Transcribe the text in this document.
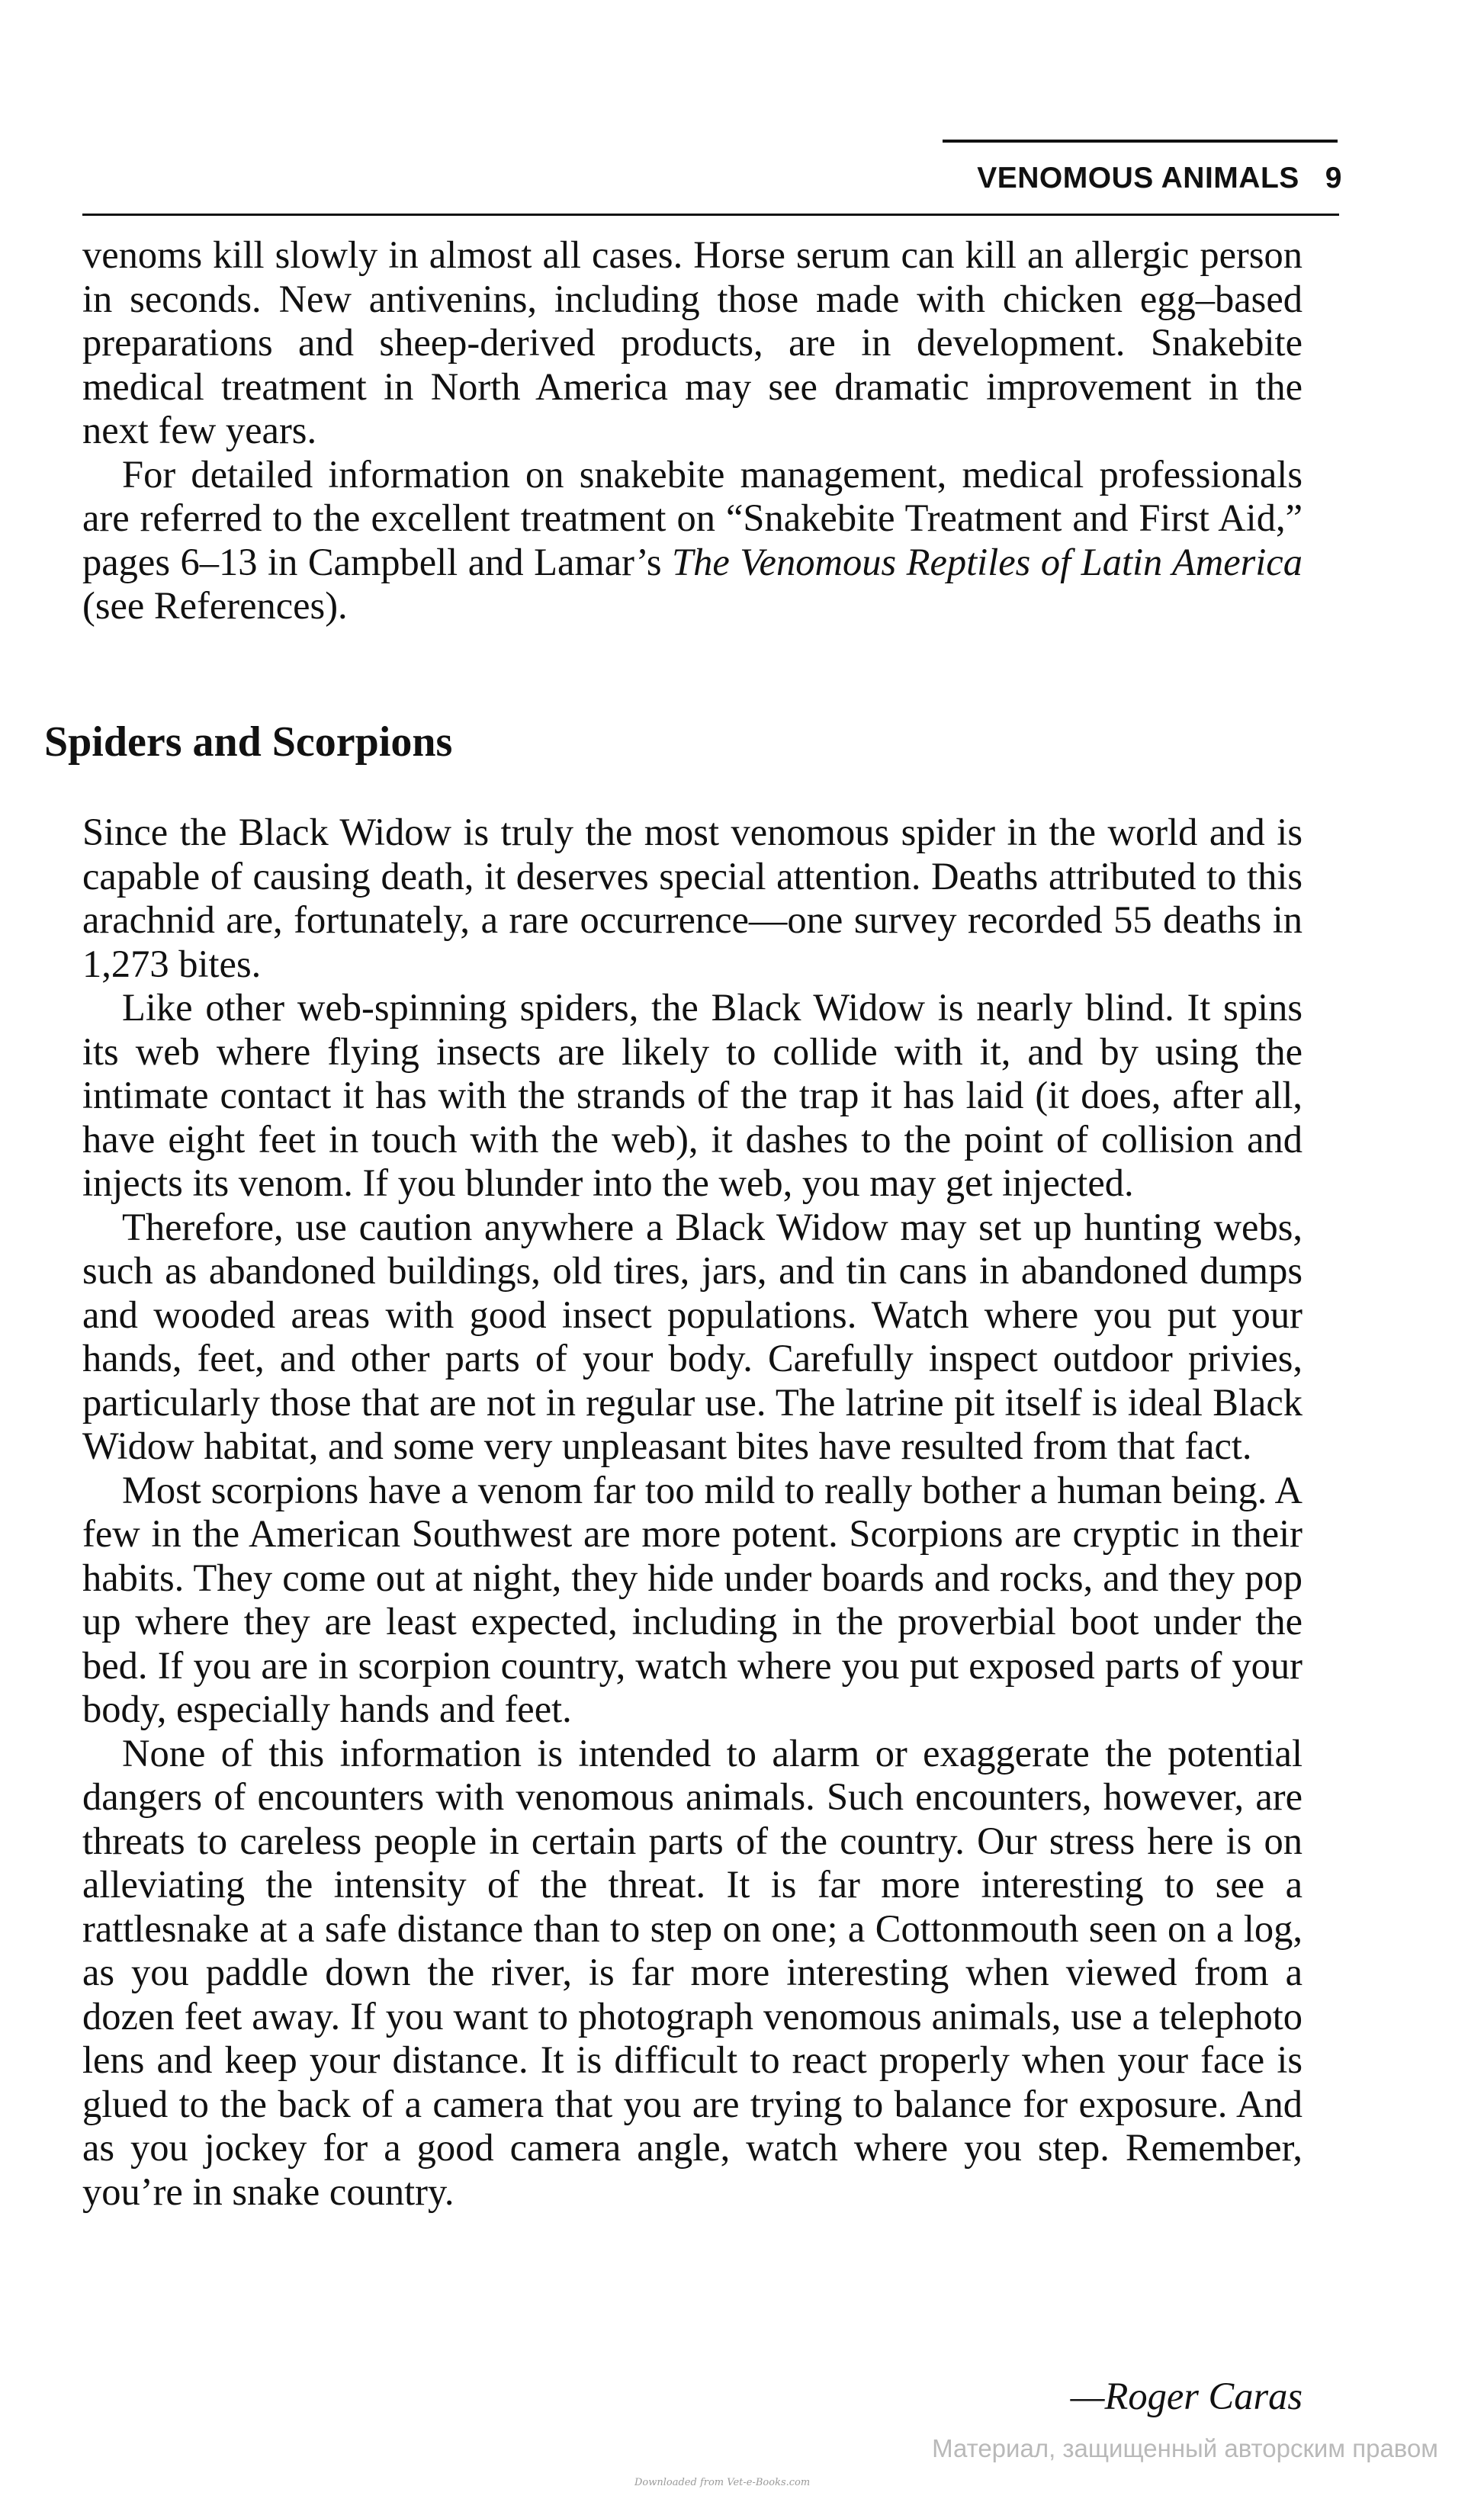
VENOMOUS ANIMALS 9

venoms kill slowly in almost all cases. Horse serum can kill an allergic person in seconds. New antivenins, including those made with chicken egg–based preparations and sheep-derived products, are in development. Snakebite medical treatment in North America may see dramatic improvement in the next few years.

For detailed information on snakebite management, medical professionals are referred to the excellent treatment on “Snakebite Treatment and First Aid,” pages 6–13 in Campbell and Lamar’s The Venomous Reptiles of Latin America (see References).

Spiders and Scorpions

Since the Black Widow is truly the most venomous spider in the world and is capable of causing death, it deserves special attention. Deaths attributed to this arachnid are, fortunately, a rare occurrence—one survey recorded 55 deaths in 1,273 bites.

Like other web-spinning spiders, the Black Widow is nearly blind. It spins its web where flying insects are likely to collide with it, and by using the intimate contact it has with the strands of the trap it has laid (it does, after all, have eight feet in touch with the web), it dashes to the point of collision and injects its venom. If you blunder into the web, you may get injected.

Therefore, use caution anywhere a Black Widow may set up hunting webs, such as abandoned buildings, old tires, jars, and tin cans in abandoned dumps and wooded areas with good insect populations. Watch where you put your hands, feet, and other parts of your body. Carefully inspect outdoor privies, particularly those that are not in regular use. The latrine pit itself is ideal Black Widow habitat, and some very unpleasant bites have resulted from that fact.

Most scorpions have a venom far too mild to really bother a human being. A few in the American Southwest are more potent. Scorpions are cryptic in their habits. They come out at night, they hide under boards and rocks, and they pop up where they are least expected, including in the proverbial boot under the bed. If you are in scorpion country, watch where you put exposed parts of your body, especially hands and feet.

None of this information is intended to alarm or exaggerate the potential dangers of encounters with venomous animals. Such encounters, however, are threats to careless people in certain parts of the country. Our stress here is on alleviating the intensity of the threat. It is far more interesting to see a rattlesnake at a safe distance than to step on one; a Cottonmouth seen on a log, as you paddle down the river, is far more interesting when viewed from a dozen feet away. If you want to photograph venomous animals, use a telephoto lens and keep your distance. It is difficult to react properly when your face is glued to the back of a camera that you are trying to balance for exposure. And as you jockey for a good camera angle, watch where you step. Remember, you’re in snake country.

—Roger Caras
Материал, защищенный авторским правом
Downloaded from Vet-e-Books.com
